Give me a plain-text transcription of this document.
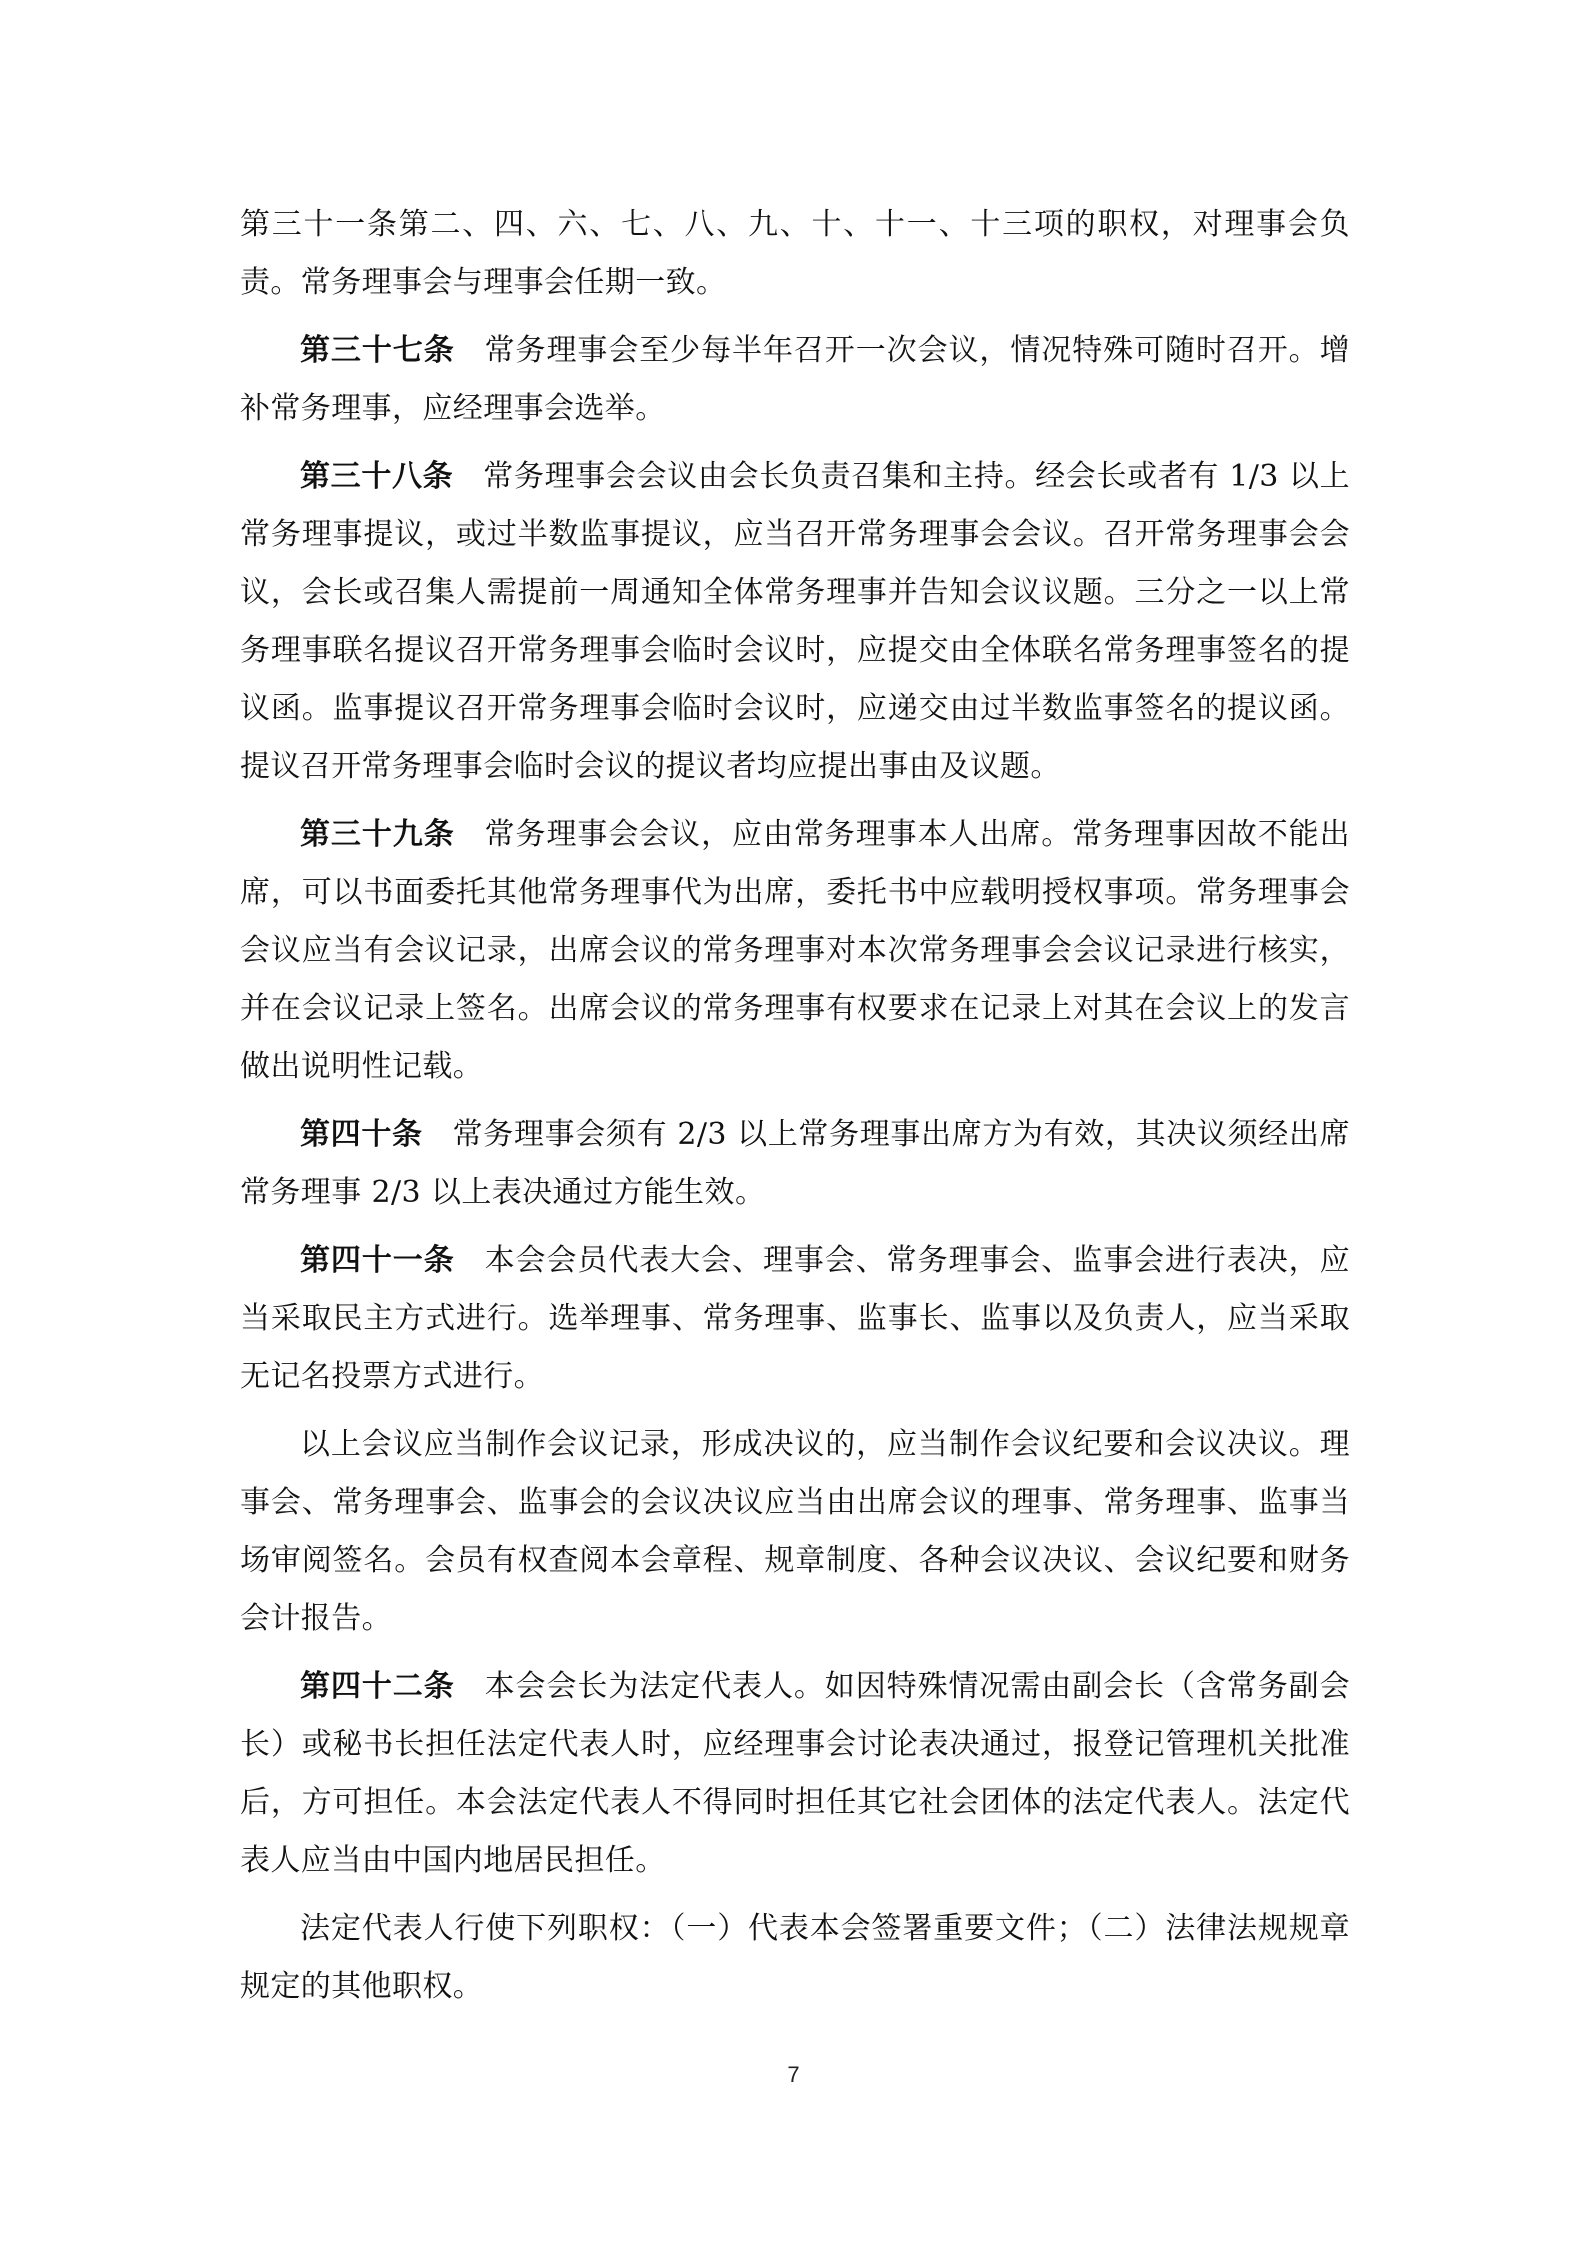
第三十一条第二、四、六、七、八、九、十、十一、十三项的职权，对理事会负责。常务理事会与理事会任期一致。

第三十七条 常务理事会至少每半年召开一次会议，情况特殊可随时召开。增补常务理事，应经理事会选举。

第三十八条 常务理事会会议由会长负责召集和主持。经会长或者有 1/3 以上常务理事提议，或过半数监事提议，应当召开常务理事会会议。召开常务理事会会议，会长或召集人需提前一周通知全体常务理事并告知会议议题。三分之一以上常务理事联名提议召开常务理事会临时会议时，应提交由全体联名常务理事签名的提议函。监事提议召开常务理事会临时会议时，应递交由过半数监事签名的提议函。提议召开常务理事会临时会议的提议者均应提出事由及议题。

第三十九条 常务理事会会议，应由常务理事本人出席。常务理事因故不能出席，可以书面委托其他常务理事代为出席，委托书中应载明授权事项。常务理事会会议应当有会议记录，出席会议的常务理事对本次常务理事会会议记录进行核实，并在会议记录上签名。出席会议的常务理事有权要求在记录上对其在会议上的发言做出说明性记载。

第四十条 常务理事会须有 2/3 以上常务理事出席方为有效，其决议须经出席常务理事 2/3 以上表决通过方能生效。

第四十一条 本会会员代表大会、理事会、常务理事会、监事会进行表决，应当采取民主方式进行。选举理事、常务理事、监事长、监事以及负责人，应当采取无记名投票方式进行。

以上会议应当制作会议记录，形成决议的，应当制作会议纪要和会议决议。理事会、常务理事会、监事会的会议决议应当由出席会议的理事、常务理事、监事当场审阅签名。会员有权查阅本会章程、规章制度、各种会议决议、会议纪要和财务会计报告。

第四十二条 本会会长为法定代表人。如因特殊情况需由副会长（含常务副会长）或秘书长担任法定代表人时，应经理事会讨论表决通过，报登记管理机关批准后，方可担任。本会法定代表人不得同时担任其它社会团体的法定代表人。法定代表人应当由中国内地居民担任。

法定代表人行使下列职权：（一）代表本会签署重要文件；（二）法律法规规章规定的其他职权。

7
